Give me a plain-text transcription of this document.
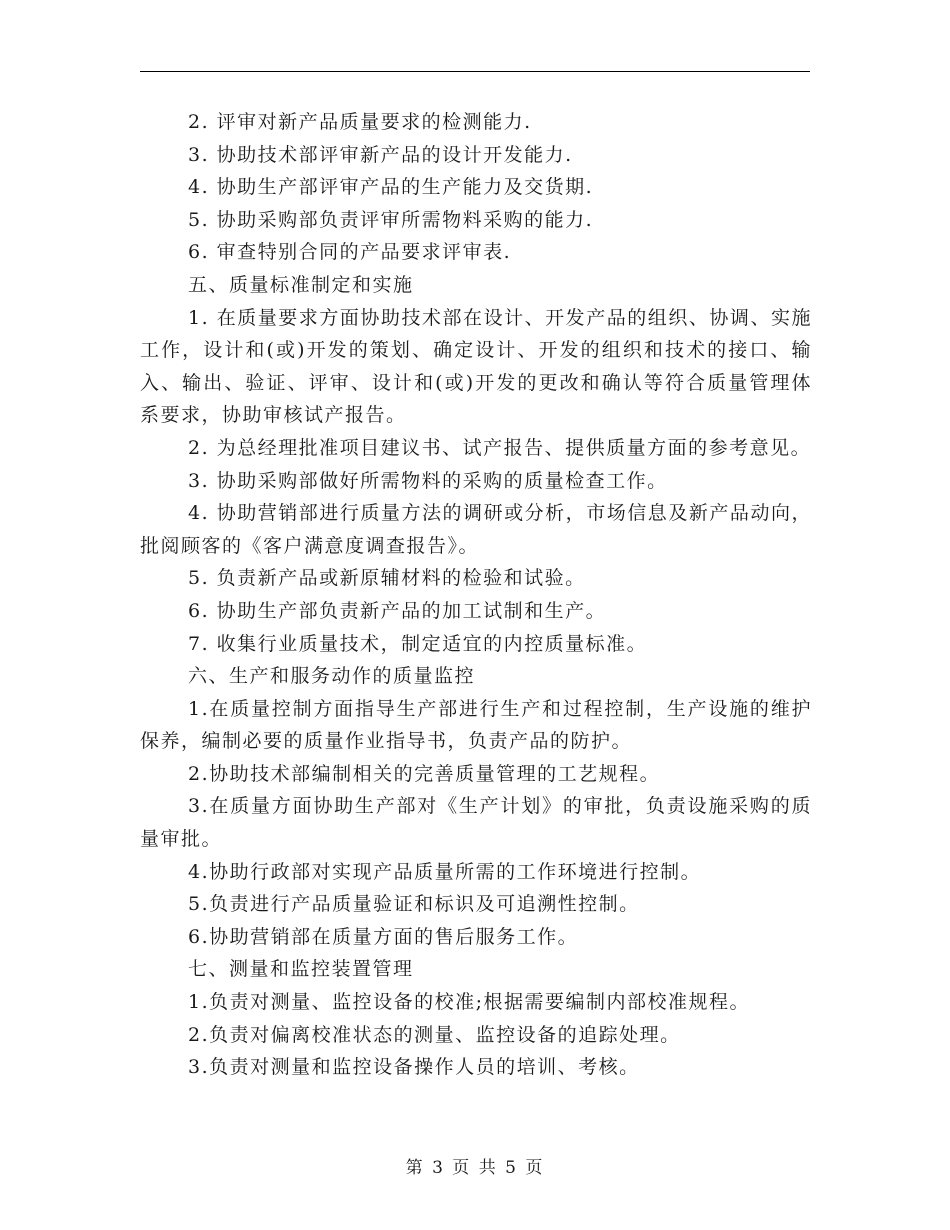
2. 评审对新产品质量要求的检测能力.

3. 协助技术部评审新产品的设计开发能力.

4. 协助生产部评审产品的生产能力及交货期.

5. 协助采购部负责评审所需物料采购的能力.

6. 审查特别合同的产品要求评审表.

五、质量标准制定和实施

1. 在质量要求方面协助技术部在设计、开发产品的组织、协调、实施工作，设计和(或)开发的策划、确定设计、开发的组织和技术的接口、输入、输出、验证、评审、设计和(或)开发的更改和确认等符合质量管理体系要求，协助审核试产报告。

2. 为总经理批准项目建议书、试产报告、提供质量方面的参考意见。

3. 协助采购部做好所需物料的采购的质量检查工作。

4. 协助营销部进行质量方法的调研或分析，市场信息及新产品动向，批阅顾客的《客户满意度调查报告》。

5. 负责新产品或新原辅材料的检验和试验。

6. 协助生产部负责新产品的加工试制和生产。

7. 收集行业质量技术，制定适宜的内控质量标准。

六、生产和服务动作的质量监控

1.在质量控制方面指导生产部进行生产和过程控制，生产设施的维护保养，编制必要的质量作业指导书，负责产品的防护。

2.协助技术部编制相关的完善质量管理的工艺规程。

3.在质量方面协助生产部对《生产计划》的审批，负责设施采购的质量审批。

4.协助行政部对实现产品质量所需的工作环境进行控制。

5.负责进行产品质量验证和标识及可追溯性控制。

6.协助营销部在质量方面的售后服务工作。

七、测量和监控装置管理

1.负责对测量、监控设备的校准;根据需要编制内部校准规程。

2.负责对偏离校准状态的测量、监控设备的追踪处理。

3.负责对测量和监控设备操作人员的培训、考核。

第 3 页 共 5 页
